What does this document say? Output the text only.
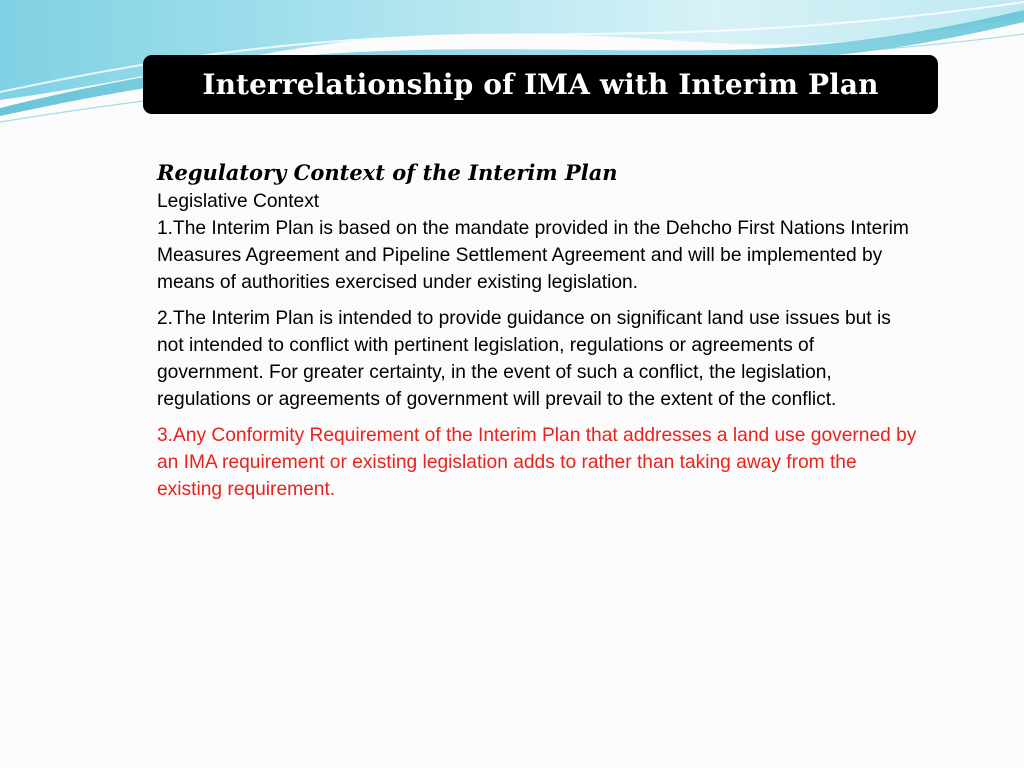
Interrelationship of IMA with Interim Plan

Regulatory Context of the Interim Plan

Legislative Context

1.The Interim Plan is based on the mandate provided in the Dehcho First Nations Interim Measures Agreement and Pipeline Settlement Agreement and will be implemented by means of authorities exercised under existing legislation.

2.The Interim Plan is intended to provide guidance on significant land use issues but is not intended to conflict with pertinent legislation, regulations or agreements of government. For greater certainty, in the event of such a conflict, the legislation, regulations or agreements of government will prevail to the extent of the conflict.

3.Any Conformity Requirement of the Interim Plan that addresses a land use governed by an IMA requirement or existing legislation adds to rather than taking away from the existing requirement.
